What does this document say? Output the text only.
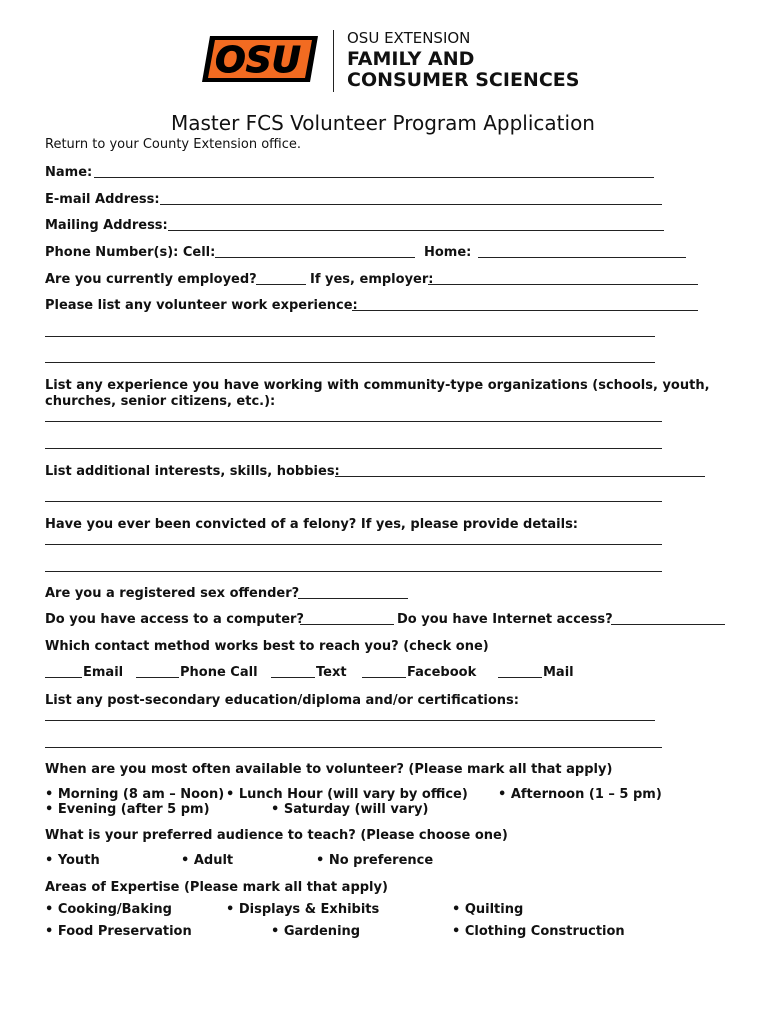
OSU
OSU EXTENSION
FAMILY AND
CONSUMER SCIENCES
Master FCS Volunteer Program Application
Return to your County Extension office.
Name:
E-mail Address:
Mailing Address:
Phone Number(s): Cell:	Home:
Are you currently employed?	If yes, employer:
Please list any volunteer work experience:
List any experience you have working with community-type organizations (schools, youth, churches, senior citizens, etc.):
List additional interests, skills, hobbies:
Have you ever been convicted of a felony? If yes, please provide details:
Are you a registered sex offender?
Do you have access to a computer?	Do you have Internet access?
Which contact method works best to reach you? (check one)
Email	Phone Call	Text	Facebook	Mail
List any post-secondary education/diploma and/or certifications:
When are you most often available to volunteer? (Please mark all that apply)
• Morning (8 am – Noon) • Lunch Hour (will vary by office) • Afternoon (1 – 5 pm)
• Evening (after 5 pm)	• Saturday (will vary)
What is your preferred audience to teach? (Please choose one)
• Youth	• Adult	• No preference
Areas of Expertise (Please mark all that apply)
• Cooking/Baking	• Displays & Exhibits	• Quilting
• Food Preservation	• Gardening	• Clothing Construction
